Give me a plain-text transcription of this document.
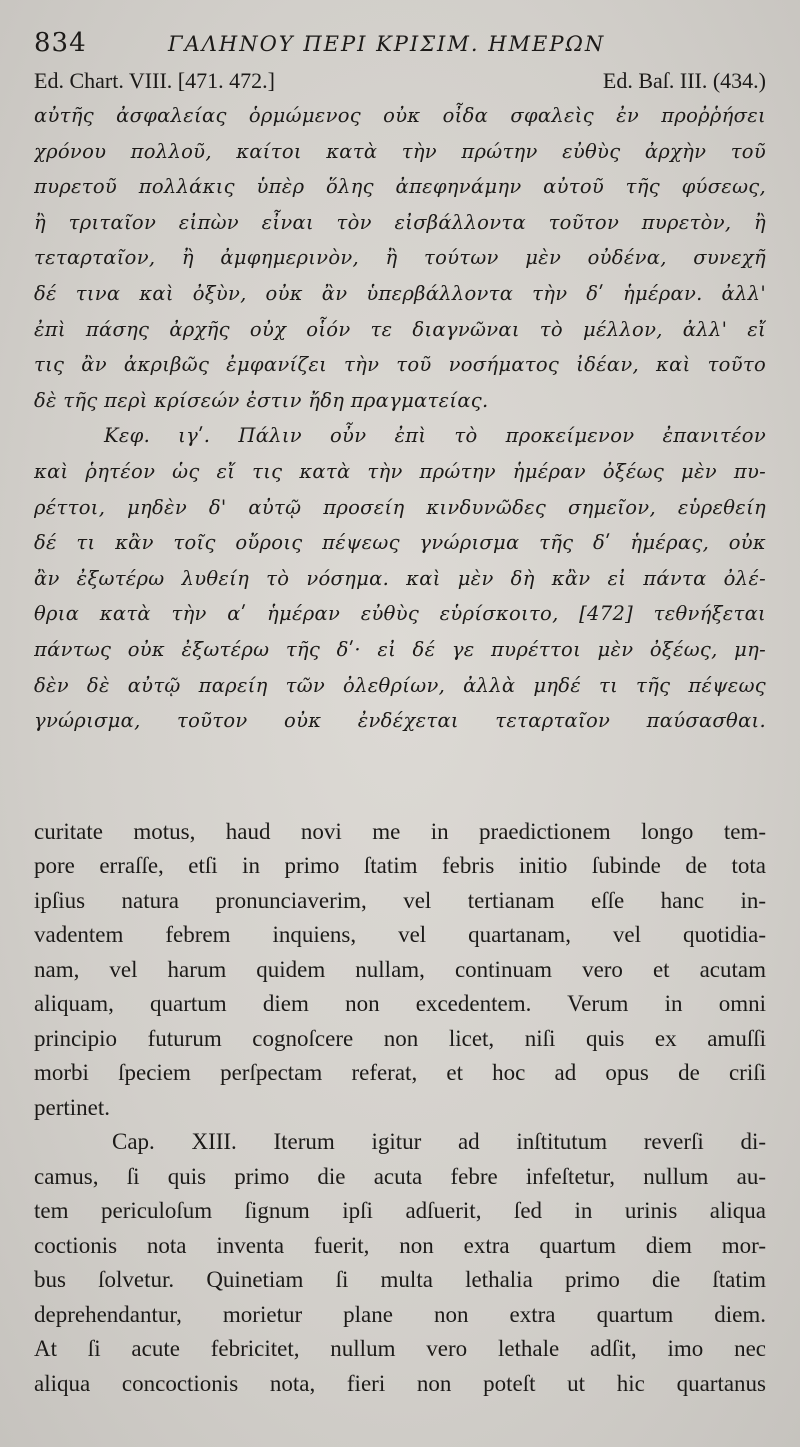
834	ΓΑΛΗΝΟΥ ΠΕΡΙ ΚΡΙΣΙΜ. ΗΜΕΡΩΝ
Ed. Chart. VIII. [471. 472.]	Ed. Baſ. III. (434.)
αὐτῆς ἀσφαλείας ὁρμώμενος οὐκ οἶδα σφαλεὶς ἐν προῤῥήσει
χρόνου πολλοῦ, καίτοι κατὰ τὴν πρώτην εὐθὺς ἀρχὴν τοῦ
πυρετοῦ πολλάκις ὑπὲρ ὅλης ἀπεφηνάμην αὐτοῦ τῆς φύσεως,
ἢ τριταῖον εἰπὼν εἶναι τὸν εἰσβάλλοντα τοῦτον πυρετὸν, ἢ
τεταρταῖον, ἢ ἀμφημερινὸν, ἢ τούτων μὲν οὐδένα, συνεχῆ
δέ τινα καὶ ὀξὺν, οὐκ ἂν ὑπερβάλλοντα τὴν δʹ ἡμέραν. ἀλλ'
ἐπὶ πάσης ἀρχῆς οὐχ οἷόν τε διαγνῶναι τὸ μέλλον, ἀλλ' εἴ
τις ἂν ἀκριβῶς ἐμφανίζει τὴν τοῦ νοσήματος ἰδέαν, καὶ τοῦτο
δὲ τῆς περὶ κρίσεών ἐστιν ἤδη πραγματείας.
Κεφ. ιγʹ. Πάλιν οὖν ἐπὶ τὸ προκείμενον ἐπανιτέον
καὶ ῥητέον ὡς εἴ τις κατὰ τὴν πρώτην ἡμέραν ὀξέως μὲν πυ-
ρέττοι, μηδὲν δ' αὐτῷ προσείη κινδυνῶδες σημεῖον, εὑρεθείη
δέ τι κἂν τοῖς οὔροις πέψεως γνώρισμα τῆς δʹ ἡμέρας, οὐκ
ἂν ἐξωτέρω λυθείη τὸ νόσημα. καὶ μὲν δὴ κἂν εἰ πάντα ὀλέ-
θρια κατὰ τὴν αʹ ἡμέραν εὐθὺς εὑρίσκοιτο, [472] τεθνήξεται
πάντως οὐκ ἐξωτέρω τῆς δʹ· εἰ δέ γε πυρέττοι μὲν ὀξέως, μη-
δὲν δὲ αὐτῷ παρείη τῶν ὀλεθρίων, ἀλλὰ μηδέ τι τῆς πέψεως
γνώρισμα, τοῦτον οὐκ ἐνδέχεται τεταρταῖον παύσασθαι.
curitate motus, haud novi me in praedictionem longo tem-
pore erraſſe, etſi in primo ſtatim febris initio ſubinde de tota
ipſius natura pronunciaverim, vel tertianam eſſe hanc in-
vadentem febrem inquiens, vel quartanam, vel quotidia-
nam, vel harum quidem nullam, continuam vero et acutam
aliquam, quartum diem non excedentem. Verum in omni
principio futurum cognoſcere non licet, niſi quis ex amuſſi
morbi ſpeciem perſpectam referat, et hoc ad opus de criſi
pertinet.
Cap. XIII. Iterum igitur ad inſtitutum reverſi di-
camus, ſi quis primo die acuta febre infeſtetur, nullum au-
tem periculoſum ſignum ipſi adſuerit, ſed in urinis aliqua
coctionis nota inventa fuerit, non extra quartum diem mor-
bus ſolvetur. Quinetiam ſi multa lethalia primo die ſtatim
deprehendantur, morietur plane non extra quartum diem.
At ſi acute febricitet, nullum vero lethale adſit, imo nec
aliqua concoctionis nota, fieri non poteſt ut hic quartanus
